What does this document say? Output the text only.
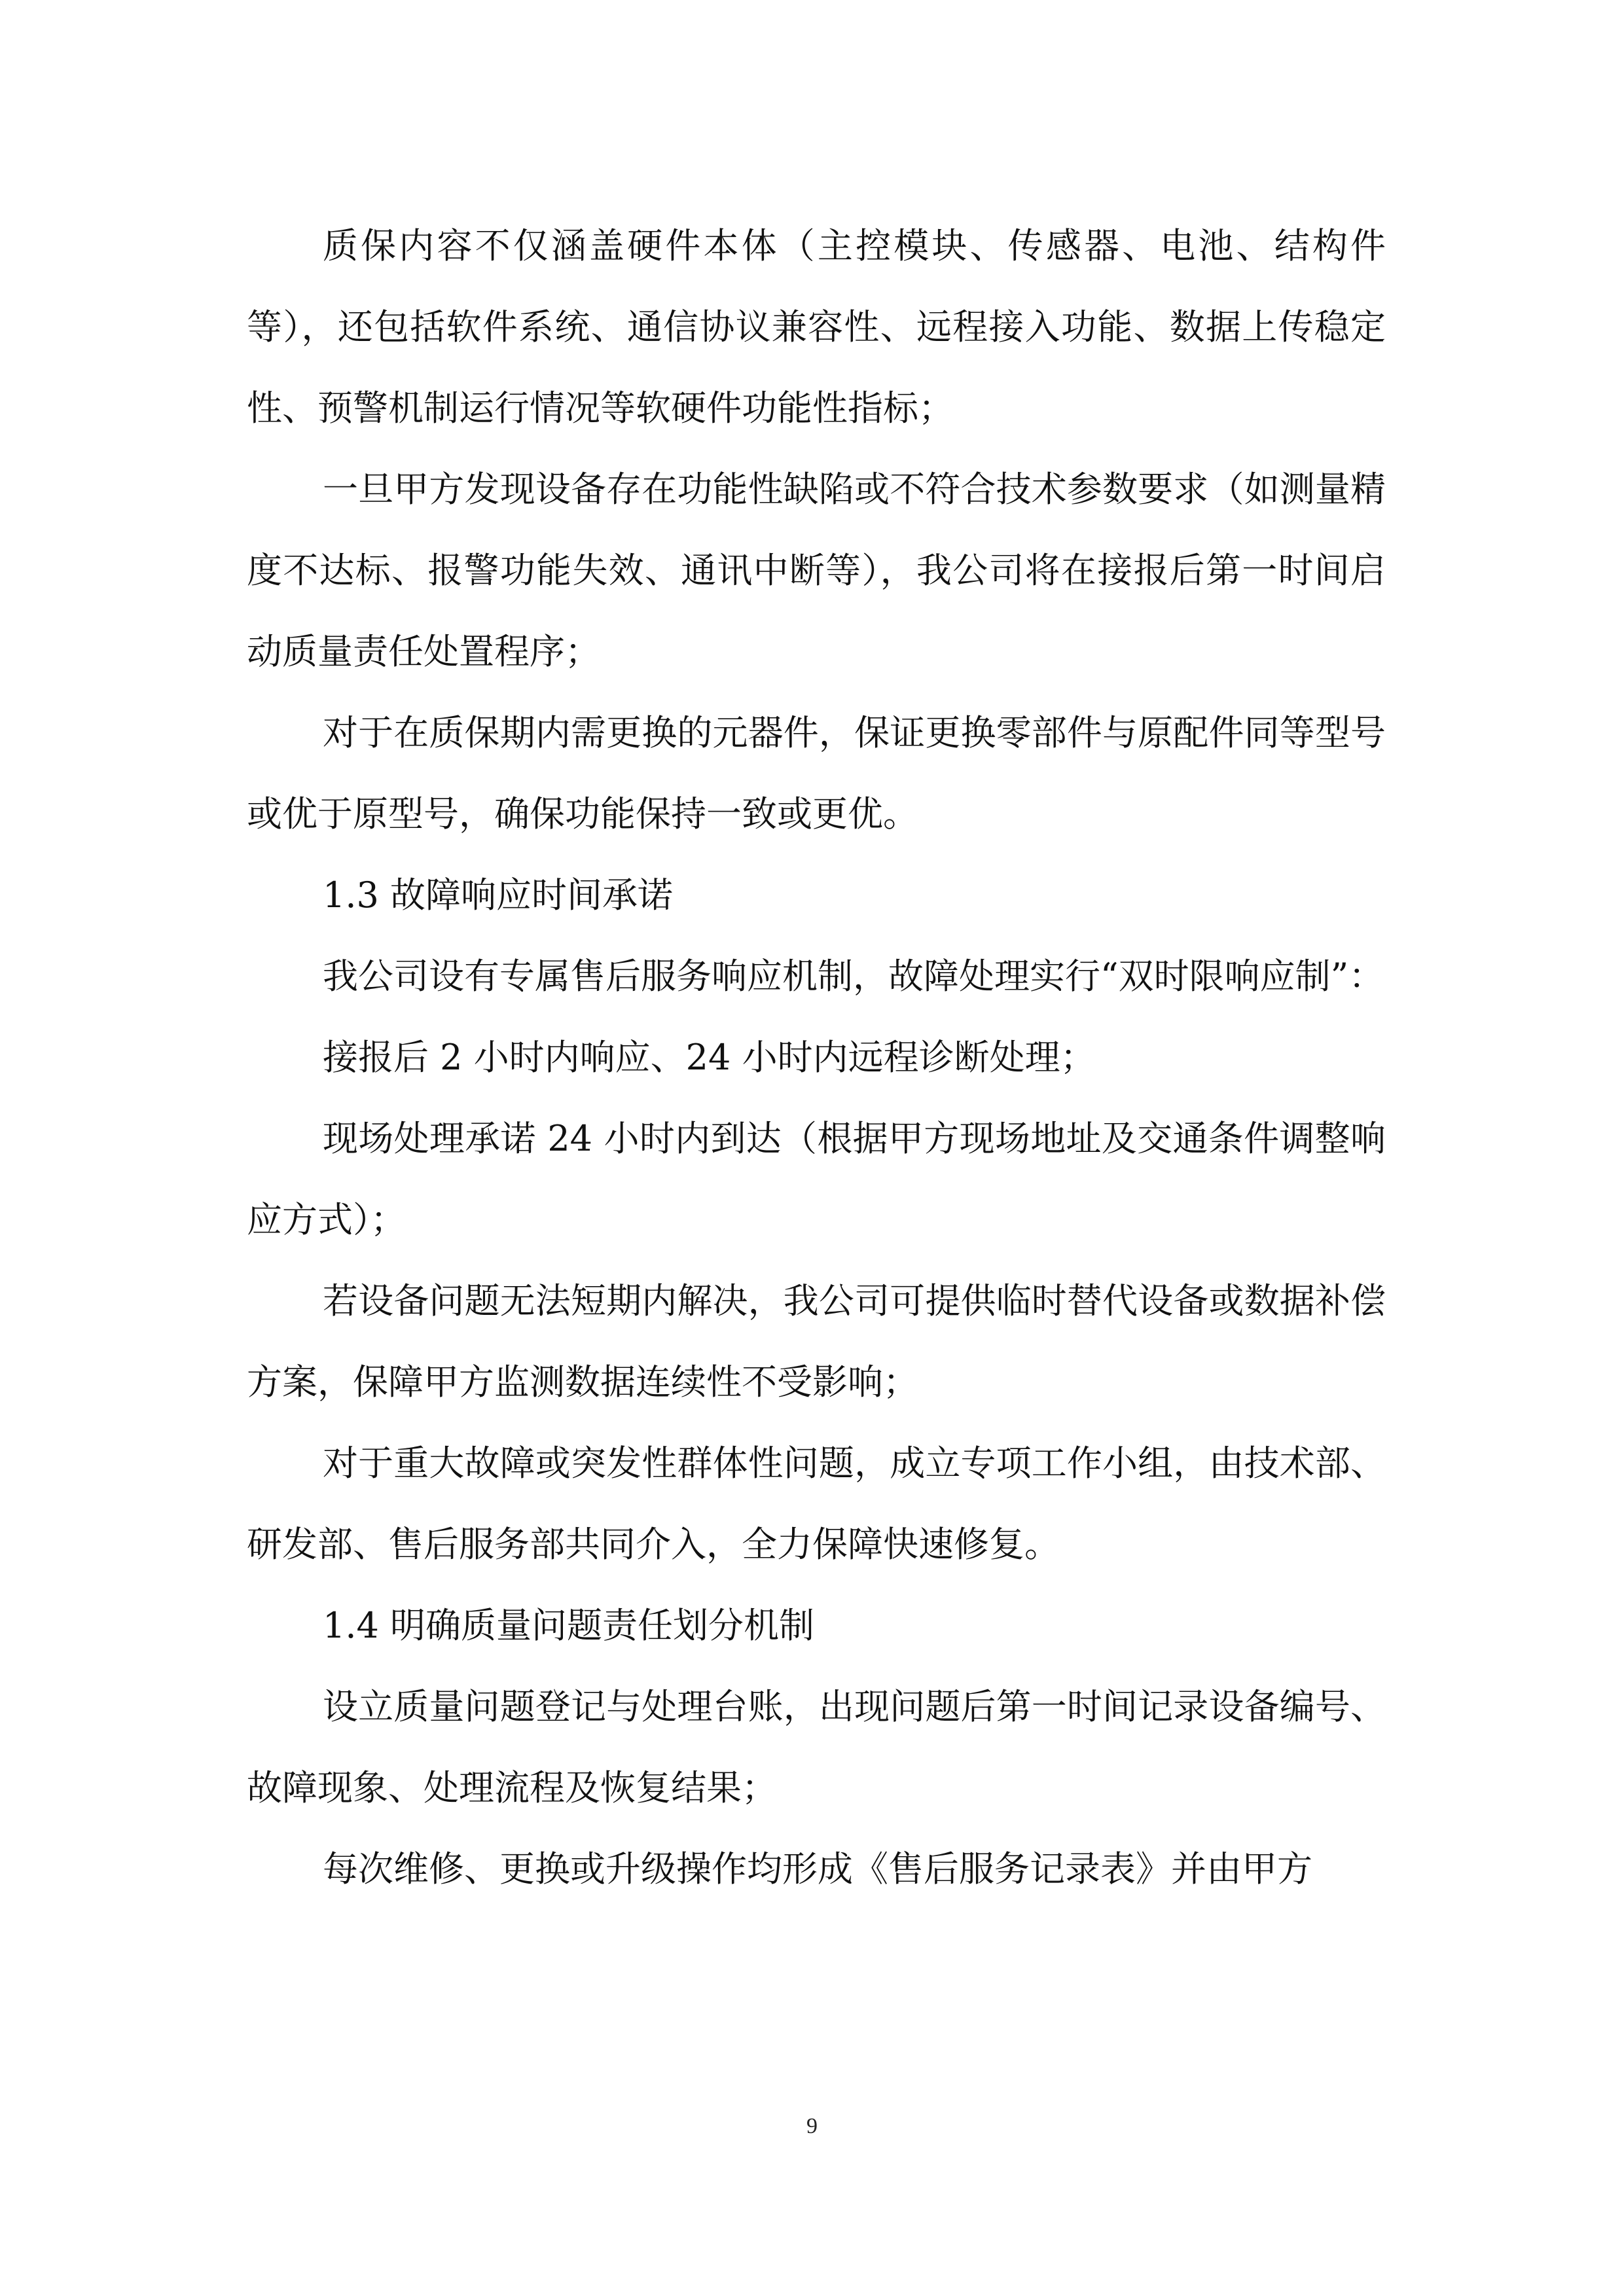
质保内容不仅涵盖硬件本体（主控模块、传感器、电池、结构件等），还包括软件系统、通信协议兼容性、远程接入功能、数据上传稳定性、预警机制运行情况等软硬件功能性指标；

一旦甲方发现设备存在功能性缺陷或不符合技术参数要求（如测量精度不达标、报警功能失效、通讯中断等），我公司将在接报后第一时间启动质量责任处置程序；

对于在质保期内需更换的元器件，保证更换零部件与原配件同等型号或优于原型号，确保功能保持一致或更优。

1.3 故障响应时间承诺

我公司设有专属售后服务响应机制，故障处理实行“双时限响应制”：

接报后 2 小时内响应、24 小时内远程诊断处理；

现场处理承诺 24 小时内到达（根据甲方现场地址及交通条件调整响应方式）；

若设备问题无法短期内解决，我公司可提供临时替代设备或数据补偿方案，保障甲方监测数据连续性不受影响；

对于重大故障或突发性群体性问题，成立专项工作小组，由技术部、研发部、售后服务部共同介入，全力保障快速修复。

1.4 明确质量问题责任划分机制

设立质量问题登记与处理台账，出现问题后第一时间记录设备编号、故障现象、处理流程及恢复结果；

每次维修、更换或升级操作均形成《售后服务记录表》并由甲方

9
